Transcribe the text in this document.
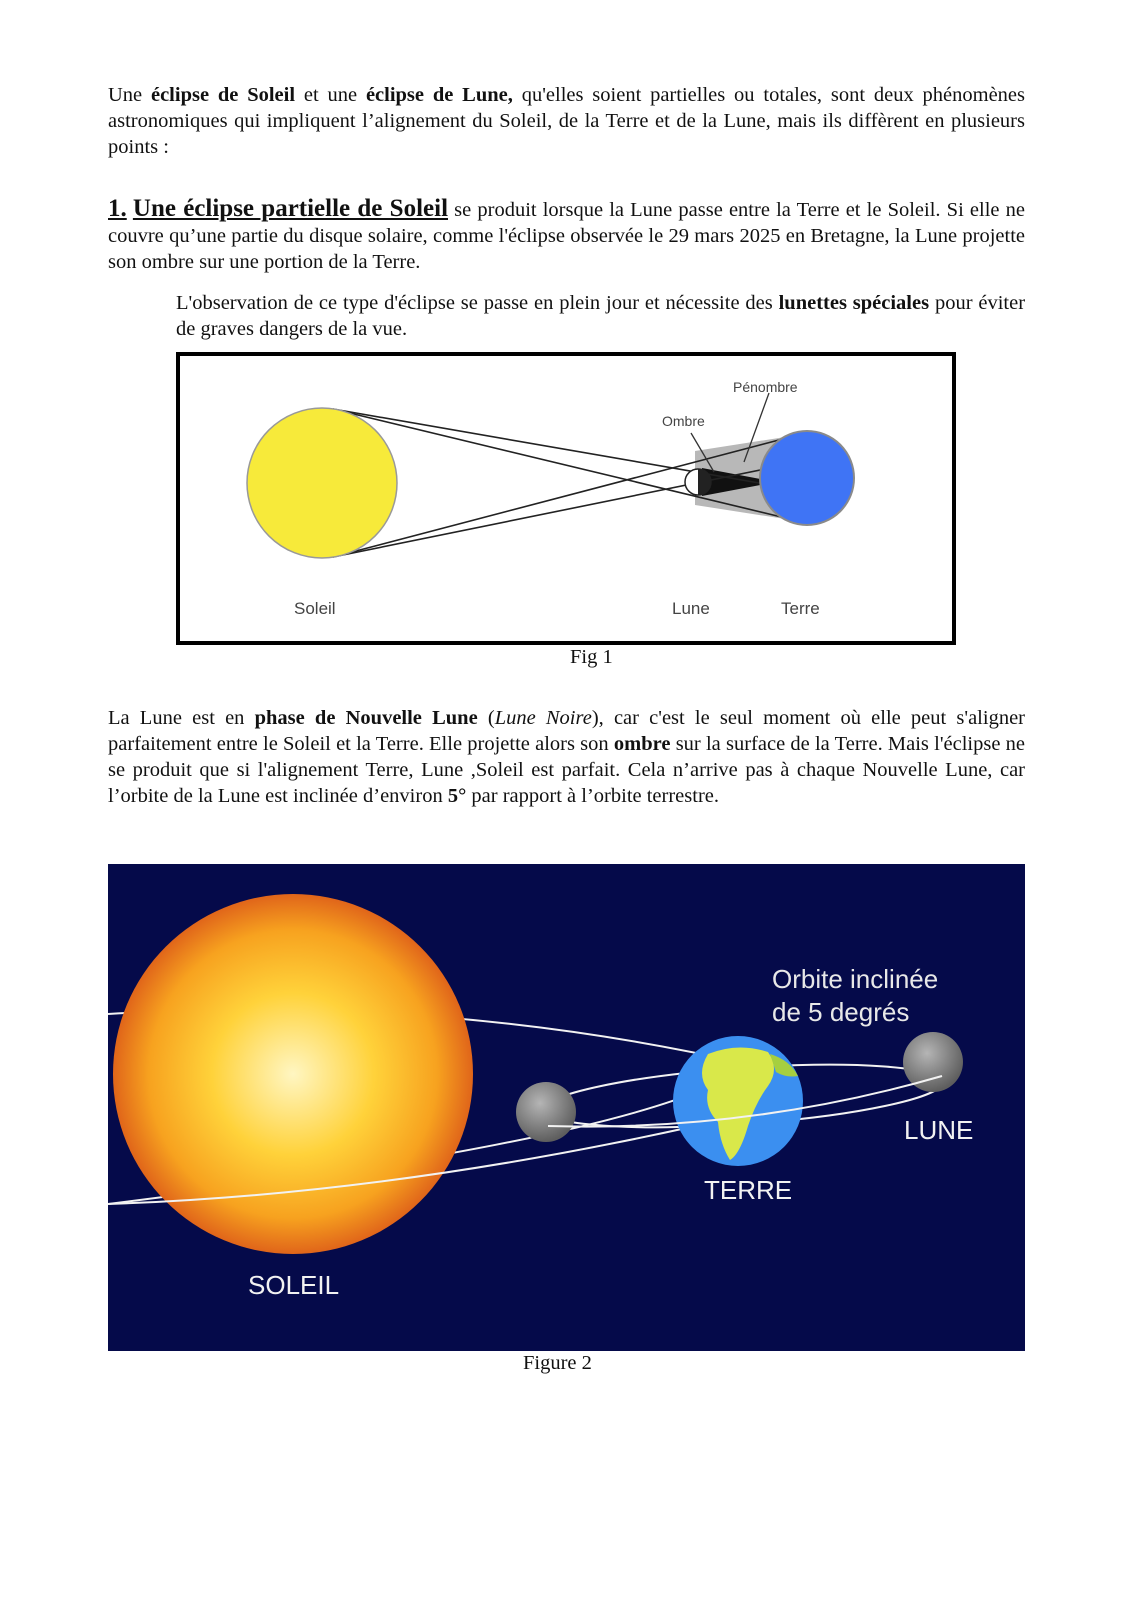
Une éclipse de Soleil et une éclipse de Lune, qu'elles soient partielles ou totales, sont deux phénomènes astronomiques qui impliquent l’alignement du Soleil, de la Terre et de la Lune, mais ils diffèrent en plusieurs points :

1. Une éclipse partielle de Soleil se produit lorsque la Lune passe entre la Terre et le Soleil. Si elle ne couvre qu’une partie du disque solaire, comme l'éclipse observée le 29 mars 2025 en Bretagne, la Lune projette son ombre sur une portion de la Terre.

L'observation de ce type d'éclipse se passe en plein jour et nécessite des lunettes spéciales pour éviter de graves dangers de la vue.

Pénombre
Ombre
Soleil	Lune	Terre

Fig 1

La Lune est en phase de Nouvelle Lune (Lune Noire), car c'est le seul moment où elle peut s'aligner parfaitement entre le Soleil et la Terre. Elle projette alors son ombre sur la surface de la Terre. Mais l'éclipse ne se produit que si l'alignement Terre, Lune ,Soleil est parfait. Cela n’arrive pas à chaque Nouvelle Lune, car l’orbite de la Lune est inclinée d’environ 5° par rapport à l’orbite terrestre.

Orbite inclinée
de 5 degrés
LUNE
TERRE
SOLEIL

Figure 2
